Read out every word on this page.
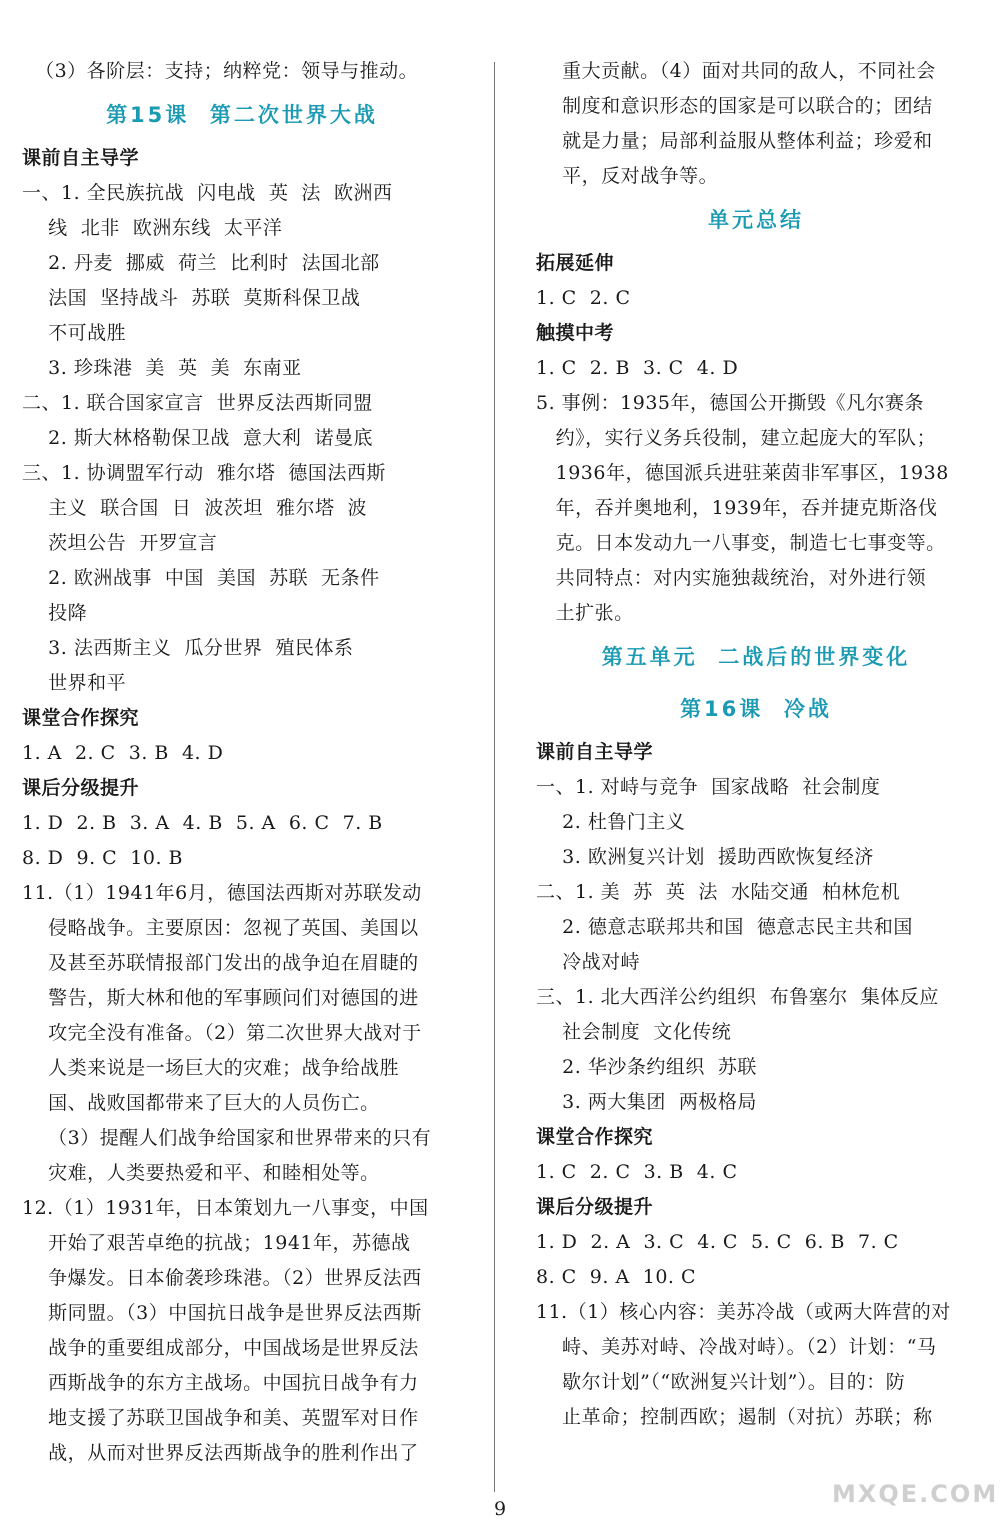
（3）各阶层：支持；纳粹党：领导与推动。
第15课  第二次世界大战
课前自主导学
一、1. 全民族抗战  闪电战  英  法  欧洲西
线  北非  欧洲东线  太平洋
2. 丹麦  挪威  荷兰  比利时  法国北部
法国  坚持战斗  苏联  莫斯科保卫战
不可战胜
3. 珍珠港  美  英  美  东南亚
二、1. 联合国家宣言  世界反法西斯同盟
2. 斯大林格勒保卫战  意大利  诺曼底
三、1. 协调盟军行动  雅尔塔  德国法西斯
主义  联合国  日  波茨坦  雅尔塔  波
茨坦公告  开罗宣言
2. 欧洲战事  中国  美国  苏联  无条件
投降
3. 法西斯主义  瓜分世界  殖民体系
世界和平
课堂合作探究
1. A  2. C  3. B  4. D
课后分级提升
1. D  2. B  3. A  4. B  5. A  6. C  7. B
8. D  9. C  10. B
11.（1）1941年6月，德国法西斯对苏联发动
侵略战争。主要原因：忽视了英国、美国以
及甚至苏联情报部门发出的战争迫在眉睫的
警告，斯大林和他的军事顾问们对德国的进
攻完全没有准备。（2）第二次世界大战对于
人类来说是一场巨大的灾难；战争给战胜
国、战败国都带来了巨大的人员伤亡。
（3）提醒人们战争给国家和世界带来的只有
灾难，人类要热爱和平、和睦相处等。
12.（1）1931年，日本策划九一八事变，中国
开始了艰苦卓绝的抗战；1941年，苏德战
争爆发。日本偷袭珍珠港。（2）世界反法西
斯同盟。（3）中国抗日战争是世界反法西斯
战争的重要组成部分，中国战场是世界反法
西斯战争的东方主战场。中国抗日战争有力
地支援了苏联卫国战争和美、英盟军对日作
战，从而对世界反法西斯战争的胜利作出了
重大贡献。（4）面对共同的敌人，不同社会
制度和意识形态的国家是可以联合的；团结
就是力量；局部利益服从整体利益；珍爱和
平，反对战争等。
单元总结
拓展延伸
1. C  2. C
触摸中考
1. C  2. B  3. C  4. D
5. 事例：1935年，德国公开撕毁《凡尔赛条
约》，实行义务兵役制，建立起庞大的军队；
1936年，德国派兵进驻莱茵非军事区，1938
年，吞并奥地利，1939年，吞并捷克斯洛伐
克。日本发动九一八事变，制造七七事变等。
共同特点：对内实施独裁统治，对外进行领
土扩张。
第五单元  二战后的世界变化
第16课  冷战
课前自主导学
一、1. 对峙与竞争  国家战略  社会制度
2. 杜鲁门主义
3. 欧洲复兴计划  援助西欧恢复经济
二、1. 美  苏  英  法  水陆交通  柏林危机
2. 德意志联邦共和国  德意志民主共和国
冷战对峙
三、1. 北大西洋公约组织  布鲁塞尔  集体反应
社会制度  文化传统
2. 华沙条约组织  苏联
3. 两大集团  两极格局
课堂合作探究
1. C  2. C  3. B  4. C
课后分级提升
1. D  2. A  3. C  4. C  5. C  6. B  7. C
8. C  9. A  10. C
11.（1）核心内容：美苏冷战（或两大阵营的对
峙、美苏对峙、冷战对峙）。（2）计划：“马
歇尔计划”（“欧洲复兴计划”）。目的：防
止革命；控制西欧；遏制（对抗）苏联；称
9
MXQE.COM
